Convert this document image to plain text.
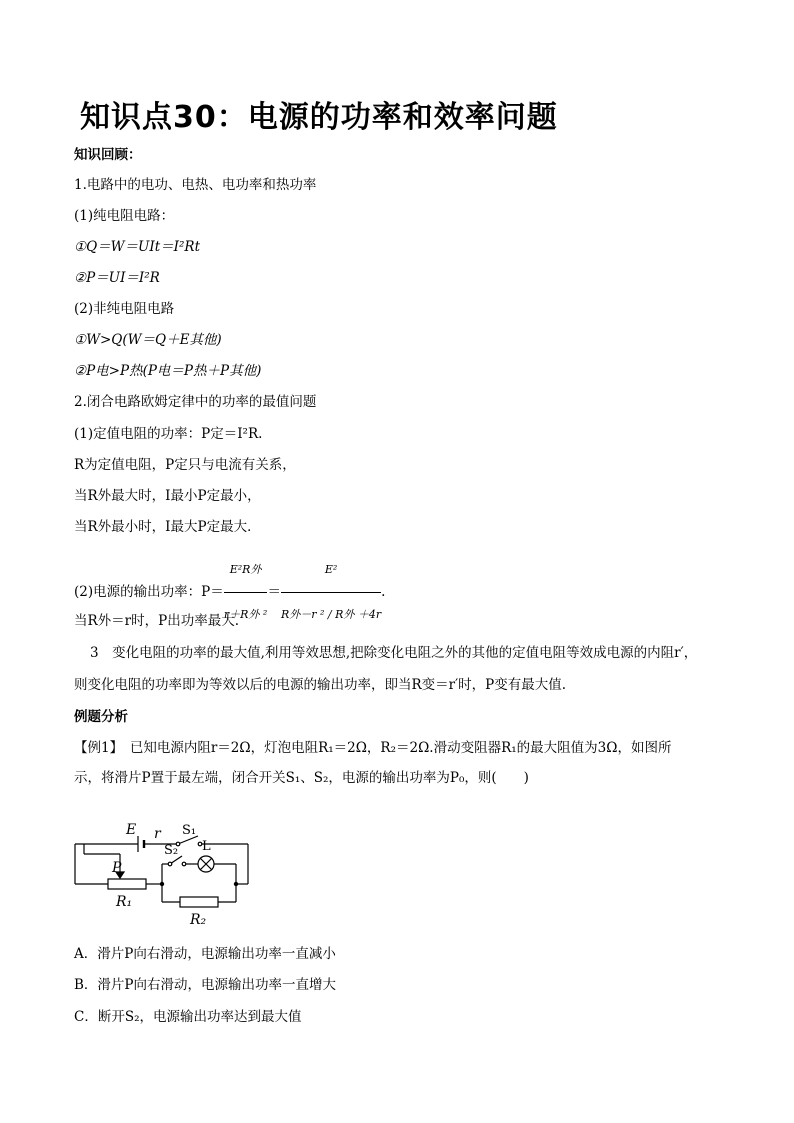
知识点30：电源的功率和效率问题
知识回顾：
1.电路中的电功、电热、电功率和热功率
(1)纯电阻电路：
①Q＝W＝UIt＝I²Rt
②P＝UI＝I²R
(2)非纯电阻电路
①W>Q(W＝Q＋E其他)
②P电>P热(P电＝P热＋P其他)
2.闭合电路欧姆定律中的功率的最值问题
(1)定值电阻的功率：P定＝I²R.
R为定值电阻，P定只与电流有关系，
当R外最大时，I最小P定最小，
当R外最小时，I最大P定最大．
(2)电源的输出功率：$P= \frac{\text{E²R外}}{\text{r＋R外 ²}} = \frac{\text{E²}}{\text{R外－r ² / R外 ＋4r}}$ .
当R外＝r时，P出功率最大.
3　变化电阻的功率的最大值,利用等效思想,把除变化电阻之外的其他的定值电阻等效成电源的内阻r′，
则变化电阻的功率即为等效以后的电源的输出功率，即当R变＝r′时，P变有最大值.
例题分析
【例1】　已知电源内阻r＝2Ω，灯泡电阻R₁＝2Ω，R₂＝2Ω.滑动变阻器R₁的最大阻值为3Ω，如图所
示，将滑片P置于最左端，闭合开关S₁、S₂，电源的输出功率为P₀，则(　　)
E r
P
R₁
R₂
S₁
S₂ L
A．滑片P向右滑动，电源输出功率一直减小
B．滑片P向右滑动，电源输出功率一直增大
C．断开S₂，电源输出功率达到最大值
